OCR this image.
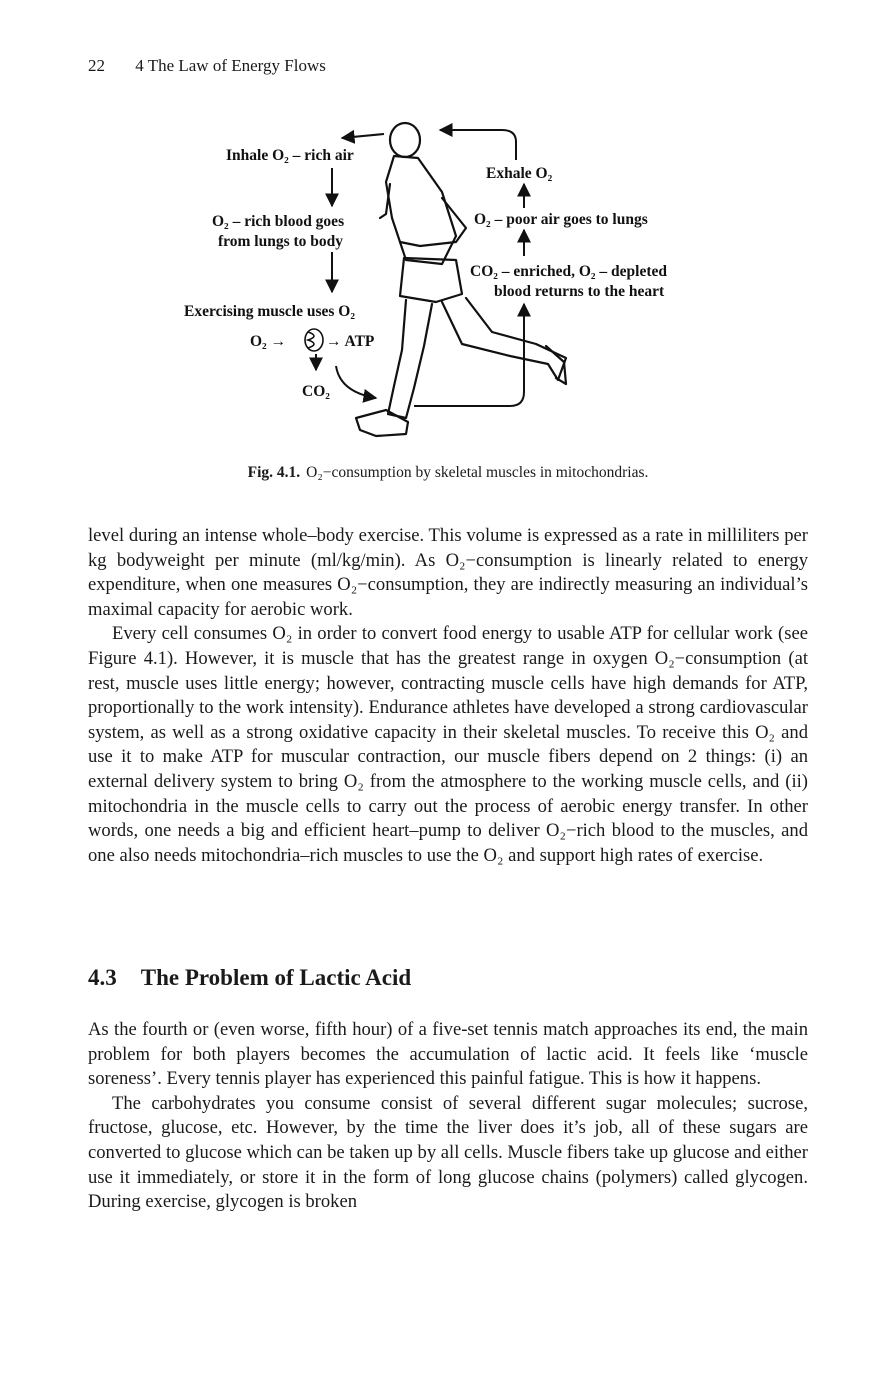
22 4 The Law of Energy Flows
Inhale O₂ – rich air
Exhale O₂
O₂ – rich blood goes
from lungs to body
O₂ – poor air goes to lungs
CO₂ – enriched, O₂ – depleted
blood returns to the heart
Exercising muscle uses O₂
O₂ →	→ ATP
CO₂
Fig. 4.1. O₂−consumption by skeletal muscles in mitochondrias.

level during an intense whole–body exercise. This volume is expressed as a rate in milliliters per kg bodyweight per minute (ml/kg/min). As O₂−consumption is linearly related to energy expenditure, when one measures O₂−consumption, they are indirectly measuring an individual’s maximal capacity for aerobic work.

Every cell consumes O₂ in order to convert food energy to usable ATP for cellular work (see Figure 4.1). However, it is muscle that has the greatest range in oxygen O₂−consumption (at rest, muscle uses little energy; however, contracting muscle cells have high demands for ATP, proportionally to the work intensity). Endurance athletes have developed a strong cardiovascular system, as well as a strong oxidative capacity in their skeletal muscles. To receive this O₂ and use it to make ATP for muscular contraction, our muscle fibers depend on 2 things: (i) an external delivery system to bring O₂ from the atmosphere to the working muscle cells, and (ii) mitochondria in the muscle cells to carry out the process of aerobic energy transfer. In other words, one needs a big and efficient heart–pump to deliver O₂−rich blood to the muscles, and one also needs mitochondria–rich muscles to use the O₂ and support high rates of exercise.

4.3 The Problem of Lactic Acid

As the fourth or (even worse, fifth hour) of a five-set tennis match approaches its end, the main problem for both players becomes the accumulation of lactic acid. It feels like ‘muscle soreness’. Every tennis player has experienced this painful fatigue. This is how it happens.

The carbohydrates you consume consist of several different sugar molecules; sucrose, fructose, glucose, etc. However, by the time the liver does it’s job, all of these sugars are converted to glucose which can be taken up by all cells. Muscle fibers take up glucose and either use it immediately, or store it in the form of long glucose chains (polymers) called glycogen. During exercise, glycogen is broken
